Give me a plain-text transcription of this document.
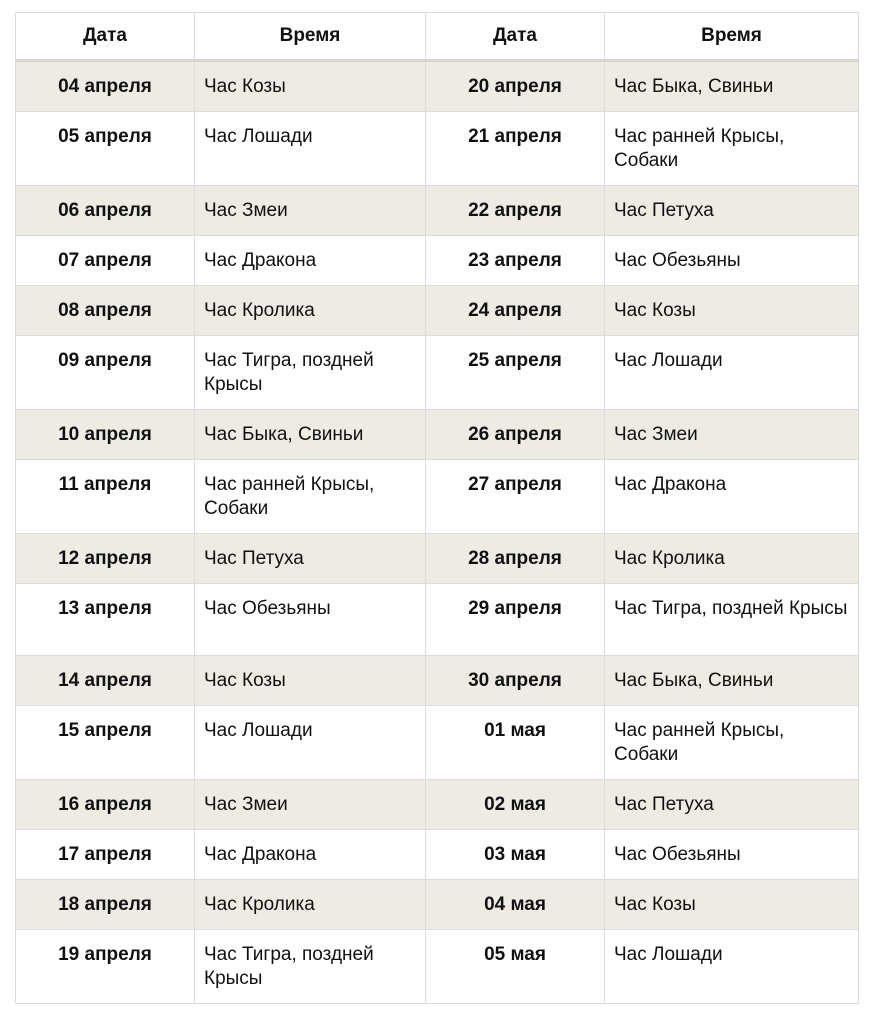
Дата	Время	Дата	Время
04 апреля	Час Козы	20 апреля	Час Быка, Свиньи
05 апреля	Час Лошади	21 апреля	Час ранней Крысы, Собаки
06 апреля	Час Змеи	22 апреля	Час Петуха
07 апреля	Час Дракона	23 апреля	Час Обезьяны
08 апреля	Час Кролика	24 апреля	Час Козы
09 апреля	Час Тигра, поздней Крысы	25 апреля	Час Лошади
10 апреля	Час Быка, Свиньи	26 апреля	Час Змеи
11 апреля	Час ранней Крысы, Собаки	27 апреля	Час Дракона
12 апреля	Час Петуха	28 апреля	Час Кролика
13 апреля	Час Обезьяны	29 апреля	Час Тигра, поздней Крысы
14 апреля	Час Козы	30 апреля	Час Быка, Свиньи
15 апреля	Час Лошади	01 мая	Час ранней Крысы, Собаки
16 апреля	Час Змеи	02 мая	Час Петуха
17 апреля	Час Дракона	03 мая	Час Обезьяны
18 апреля	Час Кролика	04 мая	Час Козы
19 апреля	Час Тигра, поздней Крысы	05 мая	Час Лошади
